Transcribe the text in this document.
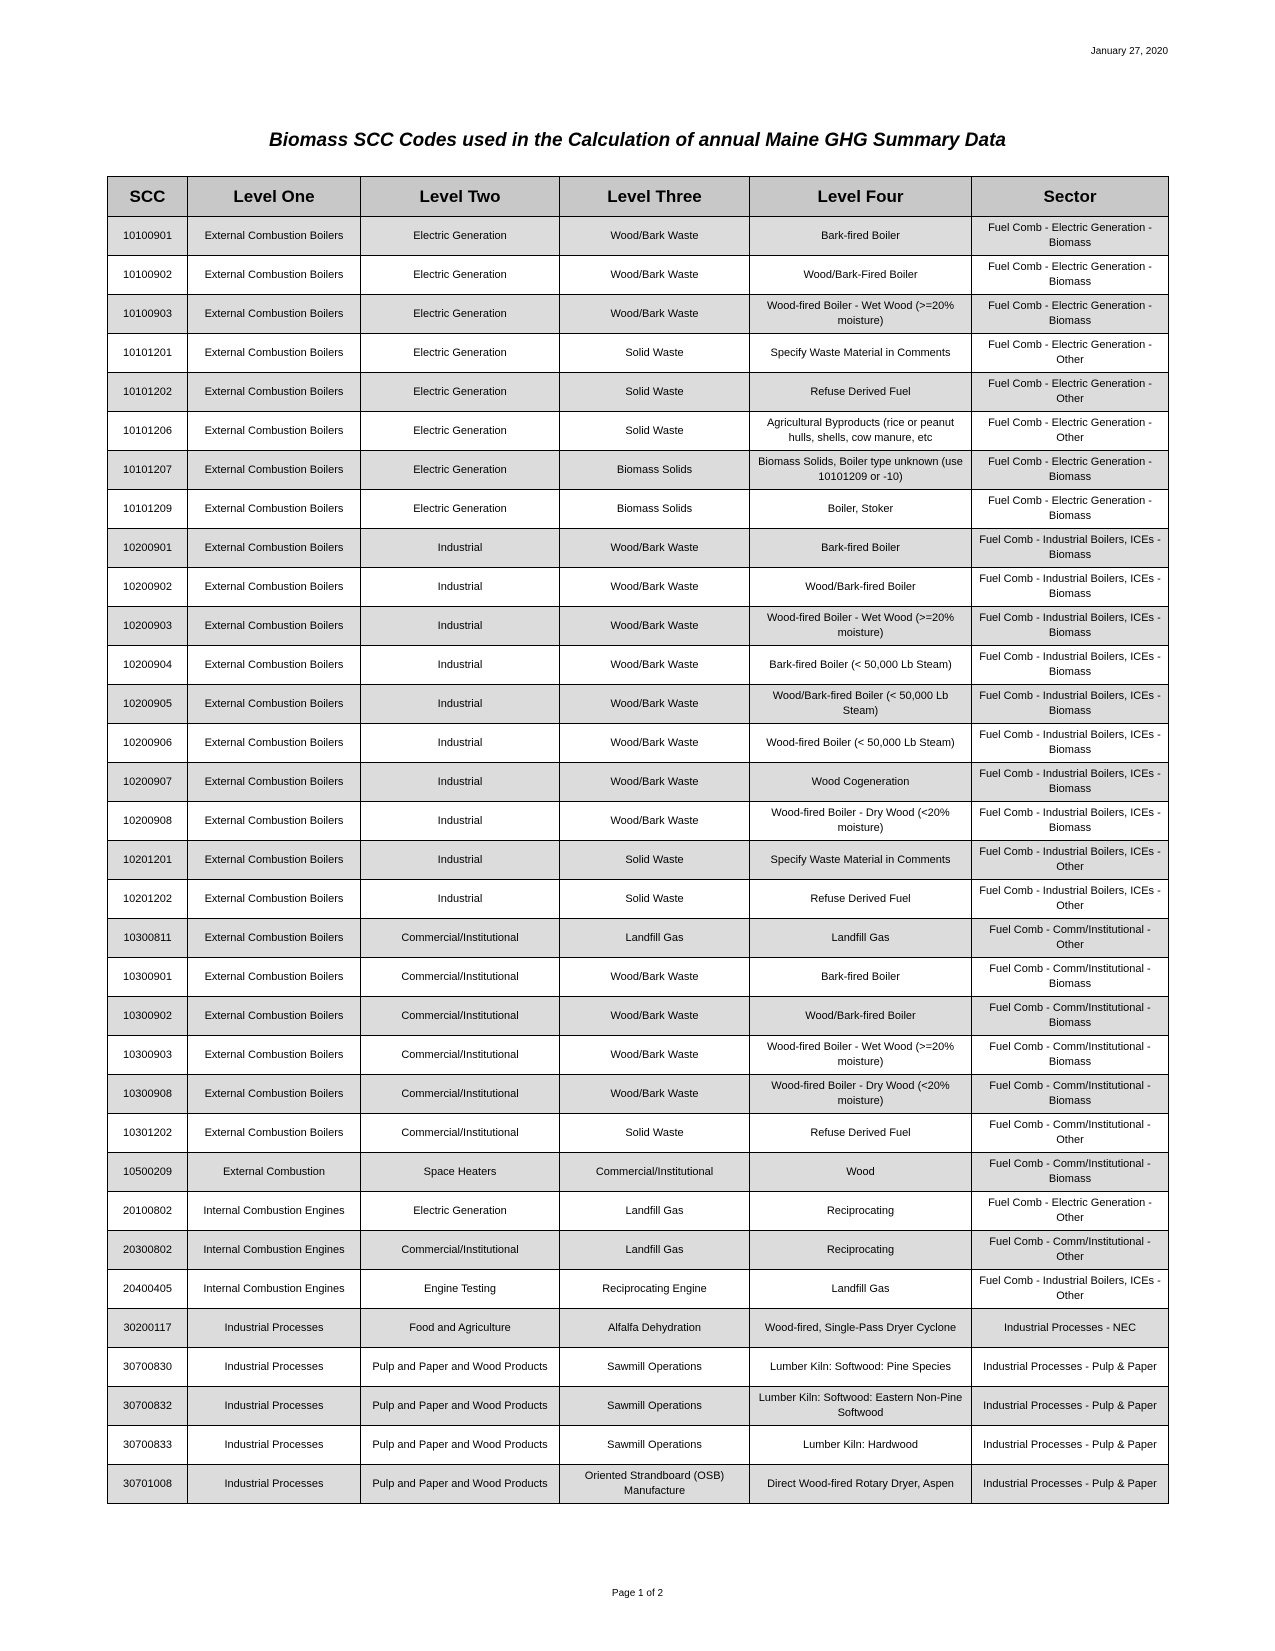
January 27, 2020
Biomass SCC Codes used in the Calculation of annual Maine GHG Summary Data
SCC	Level One	Level Two	Level Three	Level Four	Sector
10100901	External Combustion Boilers	Electric Generation	Wood/Bark Waste	Bark-fired Boiler	Fuel Comb - Electric Generation - Biomass
10100902	External Combustion Boilers	Electric Generation	Wood/Bark Waste	Wood/Bark-Fired Boiler	Fuel Comb - Electric Generation - Biomass
10100903	External Combustion Boilers	Electric Generation	Wood/Bark Waste	Wood-fired Boiler - Wet Wood (>=20% moisture)	Fuel Comb - Electric Generation - Biomass
10101201	External Combustion Boilers	Electric Generation	Solid Waste	Specify Waste Material in Comments	Fuel Comb - Electric Generation - Other
10101202	External Combustion Boilers	Electric Generation	Solid Waste	Refuse Derived Fuel	Fuel Comb - Electric Generation - Other
10101206	External Combustion Boilers	Electric Generation	Solid Waste	Agricultural Byproducts (rice or peanut hulls, shells, cow manure, etc	Fuel Comb - Electric Generation - Other
10101207	External Combustion Boilers	Electric Generation	Biomass Solids	Biomass Solids, Boiler type unknown (use 10101209 or -10)	Fuel Comb - Electric Generation - Biomass
10101209	External Combustion Boilers	Electric Generation	Biomass Solids	Boiler, Stoker	Fuel Comb - Electric Generation - Biomass
10200901	External Combustion Boilers	Industrial	Wood/Bark Waste	Bark-fired Boiler	Fuel Comb - Industrial Boilers, ICEs - Biomass
10200902	External Combustion Boilers	Industrial	Wood/Bark Waste	Wood/Bark-fired Boiler	Fuel Comb - Industrial Boilers, ICEs - Biomass
10200903	External Combustion Boilers	Industrial	Wood/Bark Waste	Wood-fired Boiler - Wet Wood (>=20% moisture)	Fuel Comb - Industrial Boilers, ICEs - Biomass
10200904	External Combustion Boilers	Industrial	Wood/Bark Waste	Bark-fired Boiler (< 50,000 Lb Steam)	Fuel Comb - Industrial Boilers, ICEs - Biomass
10200905	External Combustion Boilers	Industrial	Wood/Bark Waste	Wood/Bark-fired Boiler (< 50,000 Lb Steam)	Fuel Comb - Industrial Boilers, ICEs - Biomass
10200906	External Combustion Boilers	Industrial	Wood/Bark Waste	Wood-fired Boiler (< 50,000 Lb Steam)	Fuel Comb - Industrial Boilers, ICEs - Biomass
10200907	External Combustion Boilers	Industrial	Wood/Bark Waste	Wood Cogeneration	Fuel Comb - Industrial Boilers, ICEs - Biomass
10200908	External Combustion Boilers	Industrial	Wood/Bark Waste	Wood-fired Boiler - Dry Wood (<20% moisture)	Fuel Comb - Industrial Boilers, ICEs - Biomass
10201201	External Combustion Boilers	Industrial	Solid Waste	Specify Waste Material in Comments	Fuel Comb - Industrial Boilers, ICEs - Other
10201202	External Combustion Boilers	Industrial	Solid Waste	Refuse Derived Fuel	Fuel Comb - Industrial Boilers, ICEs - Other
10300811	External Combustion Boilers	Commercial/Institutional	Landfill Gas	Landfill Gas	Fuel Comb - Comm/Institutional - Other
10300901	External Combustion Boilers	Commercial/Institutional	Wood/Bark Waste	Bark-fired Boiler	Fuel Comb - Comm/Institutional - Biomass
10300902	External Combustion Boilers	Commercial/Institutional	Wood/Bark Waste	Wood/Bark-fired Boiler	Fuel Comb - Comm/Institutional - Biomass
10300903	External Combustion Boilers	Commercial/Institutional	Wood/Bark Waste	Wood-fired Boiler - Wet Wood (>=20% moisture)	Fuel Comb - Comm/Institutional - Biomass
10300908	External Combustion Boilers	Commercial/Institutional	Wood/Bark Waste	Wood-fired Boiler - Dry Wood (<20% moisture)	Fuel Comb - Comm/Institutional - Biomass
10301202	External Combustion Boilers	Commercial/Institutional	Solid Waste	Refuse Derived Fuel	Fuel Comb - Comm/Institutional - Other
10500209	External Combustion	Space Heaters	Commercial/Institutional	Wood	Fuel Comb - Comm/Institutional - Biomass
20100802	Internal Combustion Engines	Electric Generation	Landfill Gas	Reciprocating	Fuel Comb - Electric Generation - Other
20300802	Internal Combustion Engines	Commercial/Institutional	Landfill Gas	Reciprocating	Fuel Comb - Comm/Institutional - Other
20400405	Internal Combustion Engines	Engine Testing	Reciprocating Engine	Landfill Gas	Fuel Comb - Industrial Boilers, ICEs - Other
30200117	Industrial Processes	Food and Agriculture	Alfalfa Dehydration	Wood-fired, Single-Pass Dryer Cyclone	Industrial Processes - NEC
30700830	Industrial Processes	Pulp and Paper and Wood Products	Sawmill Operations	Lumber Kiln: Softwood: Pine Species	Industrial Processes - Pulp & Paper
30700832	Industrial Processes	Pulp and Paper and Wood Products	Sawmill Operations	Lumber Kiln: Softwood: Eastern Non-Pine Softwood	Industrial Processes - Pulp & Paper
30700833	Industrial Processes	Pulp and Paper and Wood Products	Sawmill Operations	Lumber Kiln: Hardwood	Industrial Processes - Pulp & Paper
30701008	Industrial Processes	Pulp and Paper and Wood Products	Oriented Strandboard (OSB) Manufacture	Direct Wood-fired Rotary Dryer, Aspen	Industrial Processes - Pulp & Paper
Page 1 of 2
